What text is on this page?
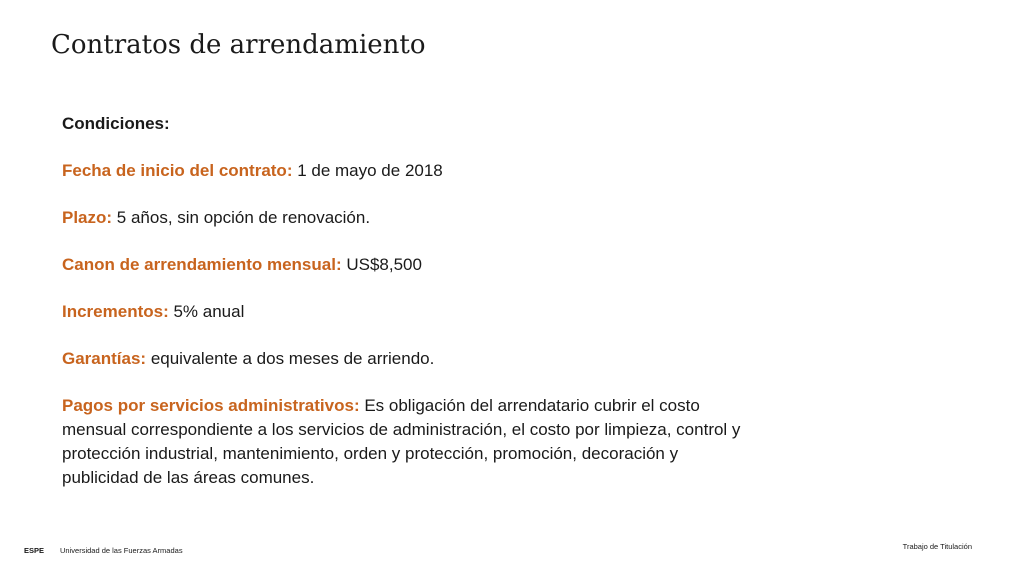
Contratos de arrendamiento

Condiciones:

Fecha de inicio del contrato: 1 de mayo de 2018

Plazo: 5 años, sin opción de renovación.

Canon de arrendamiento mensual: US$8,500

Incrementos: 5% anual

Garantías: equivalente a dos meses de arriendo.

Pagos por servicios administrativos: Es obligación del arrendatario cubrir el costo mensual correspondiente a los servicios de administración, el costo por limpieza, control y protección industrial, mantenimiento, orden y protección, promoción, decoración y publicidad de las áreas comunes.

ESPE Universidad de las Fuerzas Armadas	Trabajo de Titulación
